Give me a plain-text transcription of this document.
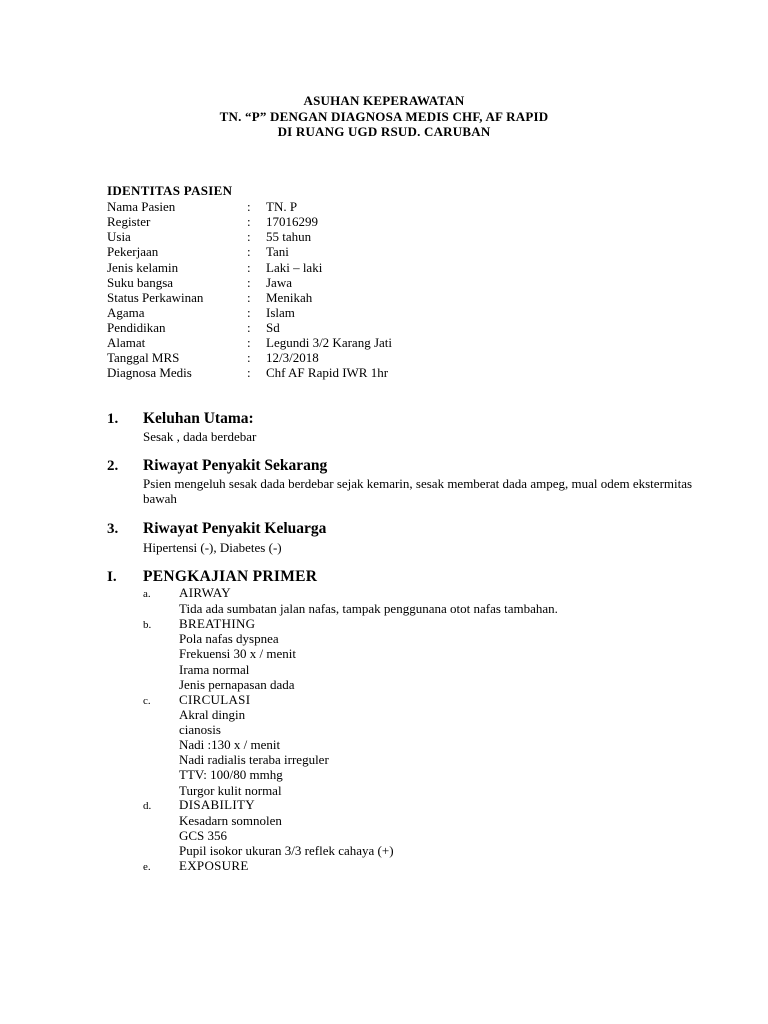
ASUHAN KEPERAWATAN
TN. “P” DENGAN DIAGNOSA MEDIS CHF, AF RAPID
DI RUANG UGD RSUD. CARUBAN
IDENTITAS PASIEN
Nama Pasien	: TN. P
Register	: 17016299
Usia	: 55 tahun
Pekerjaan	: Tani
Jenis kelamin	: Laki – laki
Suku bangsa	: Jawa
Status Perkawinan	: Menikah
Agama	: Islam
Pendidikan	: Sd
Alamat	: Legundi 3/2 Karang Jati
Tanggal MRS	: 12/3/2018
Diagnosa Medis	: Chf AF Rapid IWR 1hr
1. Keluhan Utama:
Sesak , dada berdebar
2. Riwayat Penyakit Sekarang
Psien mengeluh sesak dada berdebar sejak kemarin, sesak memberat dada ampeg, mual odem ekstermitas bawah
3. Riwayat Penyakit Keluarga
Hipertensi (-), Diabetes (-)
I. PENGKAJIAN PRIMER
a. AIRWAY
Tida ada sumbatan jalan nafas, tampak penggunana otot nafas tambahan.
b. BREATHING
Pola nafas dyspnea
Frekuensi 30 x / menit
Irama normal
Jenis pernapasan dada
c. CIRCULASI
Akral dingin
cianosis
Nadi :130 x / menit
Nadi radialis teraba irreguler
TTV: 100/80 mmhg
Turgor kulit normal
d. DISABILITY
Kesadarn somnolen
GCS 356
Pupil isokor ukuran 3/3 reflek cahaya (+)
e. EXPOSURE
